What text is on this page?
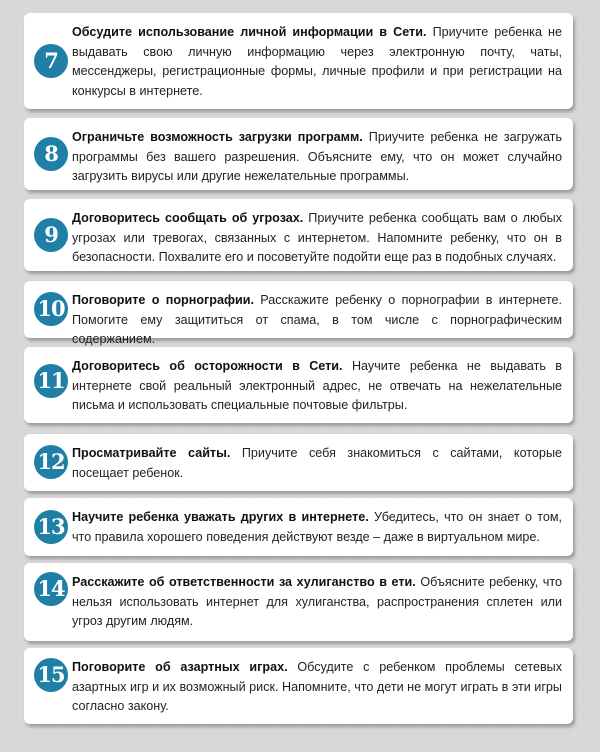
7
Обсудите использование личной информации в Сети. Приучите ребенка не выдавать свою личную информацию через электронную почту, чаты, мессенджеры, регистрационные формы, личные профили и при регистрации на конкурсы в интернете.
8
Ограничьте возможность загрузки программ. Приучите ребенка не загружать программы без вашего разрешения. Объясните ему, что он может случайно загрузить вирусы или другие нежелательные программы.
9
Договоритесь сообщать об угрозах. Приучите ребенка сообщать вам о любых угрозах или тревогах, связанных с интернетом. Напомните ребенку, что он в безопасности. Похвалите его и посоветуйте подойти еще раз в подобных случаях.
10 Поговорите о порнографии. Расскажите ребенку о порнографии в интернете. Помогите ему защититься от спама, в том числе с порнографическим содержанием.
11
Договоритесь об осторожности в Сети. Научите ребенка не выдавать в интернете свой реальный электронный адрес, не отвечать на нежелательные письма и использовать специальные почтовые фильтры.
12 Просматривайте сайты. Приучите себя знакомиться с сайтами, которые посещает ребенок.
13 Научите ребенка уважать других в интернете. Убедитесь, что он знает о том, что правила хорошего поведения действуют везде – даже в виртуальном мире.
14 Расскажите об ответственности за хулиганство в ети. Объясните ребенку, что нельзя использовать интернет для хулиганства, распространения сплетен или угроз другим людям.
15 Поговорите об азартных играх. Обсудите с ребенком проблемы сетевых азартных игр и их возможный риск. Напомните, что дети не могут играть в эти игры согласно закону.
